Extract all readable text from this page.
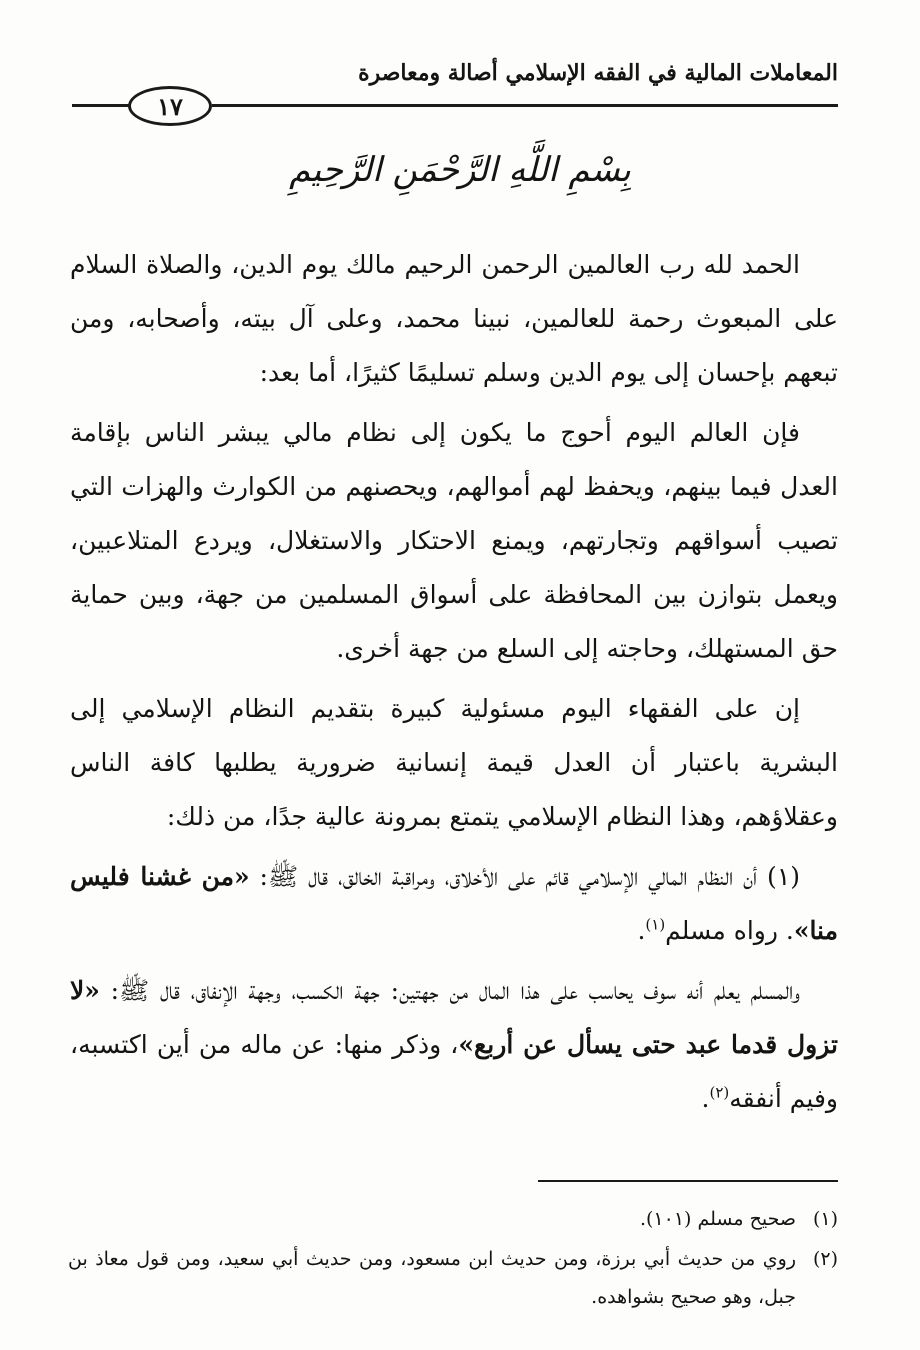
المعاملات المالية في الفقه الإسلامي أصالة ومعاصرة
١٧
بِسْمِ اللَّهِ الرَّحْمَنِ الرَّحِيمِ

الحمد لله رب العالمين الرحمن الرحيم مالك يوم الدين، والصلاة السلام على المبعوث رحمة للعالمين، نبينا محمد، وعلى آل بيته، وأصحابه، ومن تبعهم بإحسان إلى يوم الدين وسلم تسليمًا كثيرًا، أما بعد:

فإن العالم اليوم أحوج ما يكون إلى نظام مالي يبشر الناس بإقامة العدل فيما بينهم، ويحفظ لهم أموالهم، ويحصنهم من الكوارث والهزات التي تصيب أسواقهم وتجارتهم، ويمنع الاحتكار والاستغلال، ويردع المتلاعبين، ويعمل بتوازن بين المحافظة على أسواق المسلمين من جهة، وبين حماية حق المستهلك، وحاجته إلى السلع من جهة أخرى.

إن على الفقهاء اليوم مسئولية كبيرة بتقديم النظام الإسلامي إلى البشرية باعتبار أن العدل قيمة إنسانية ضرورية يطلبها كافة الناس وعقلاؤهم، وهذا النظام الإسلامي يتمتع بمرونة عالية جدًا، من ذلك:

(١) أن النظام المالي الإسلامي قائم على الأخلاق، ومراقبة الخالق، قال ﷺ: «من غشنا فليس منا». رواه مسلم$^{(١)}$.

والمسلم يعلم أنه سوف يحاسب على هذا المال من جهتين: جهة الكسب، وجهة الإنفاق، قال ﷺ: «لا تزول قدما عبد حتى يسأل عن أربع»، وذكر منها: عن ماله من أين اكتسبه، وفيم أنفقه$^{(٢)}$.

(١)
صحيح مسلم (١٠١).
(٢)
روي من حديث أبي برزة، ومن حديث ابن مسعود، ومن حديث أبي سعيد، ومن قول معاذ بن جبل، وهو صحيح بشواهده.
